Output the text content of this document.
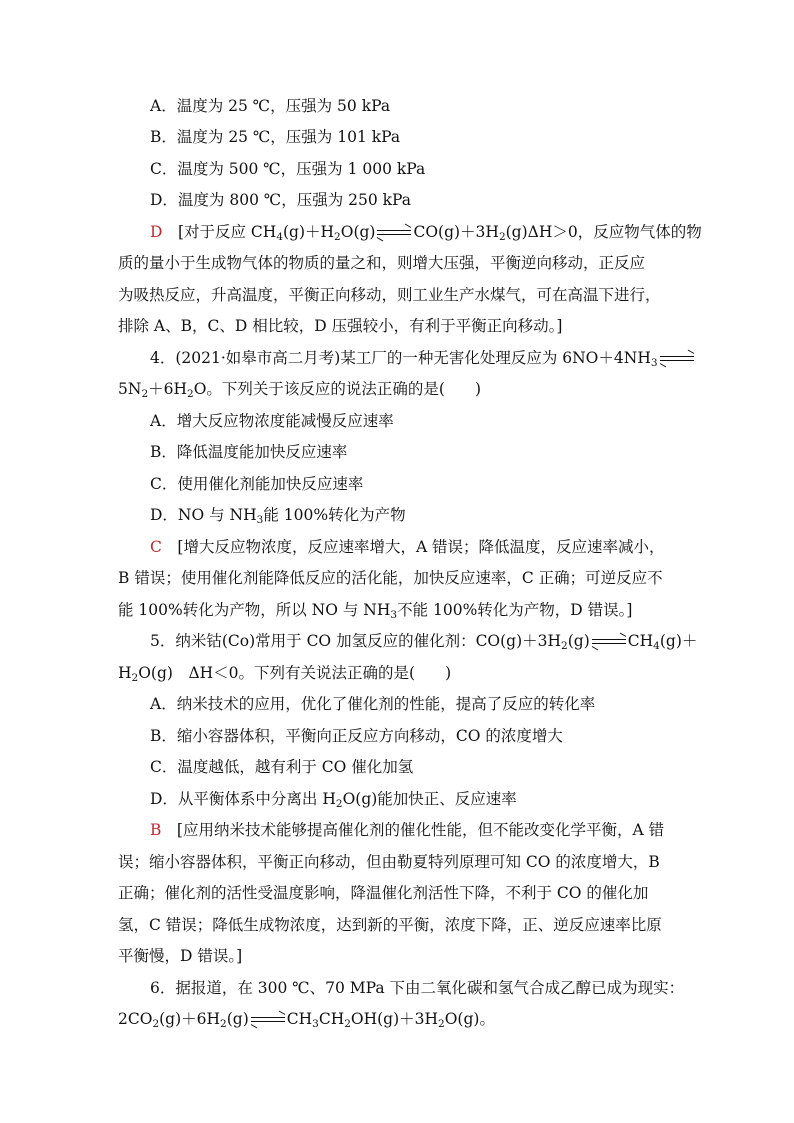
A．温度为 25 ℃，压强为 50 kPa
B．温度为 25 ℃，压强为 101 kPa
C．温度为 500 ℃，压强为 1 000 kPa
D．温度为 800 ℃，压强为 250 kPa
D　 [对于反应 $CH_4(g)+H_2O(g)$ $CO(g)+3H_2(g)\Delta H>0$，反应物气体的物
质的量小于生成物气体的物质的量之和，则增大压强，平衡逆向移动，正反应
为吸热反应，升高温度，平衡正向移动，则工业生产水煤气，可在高温下进行，
排除 A、B，C、D 相比较，D 压强较小，有利于平衡正向移动。]
4．(2021·如皋市高二月考)某工厂的一种无害化处理反应为 $6NO+4NH_3$
$5N_2+6H_2O$。下列关于该反应的说法正确的是( )
A．增大反应物浓度能减慢反应速率
B．降低温度能加快反应速率
C．使用催化剂能加快反应速率
D．NO 与 $NH_3$能 100%转化为产物
C　 [增大反应物浓度，反应速率增大，A 错误；降低温度，反应速率减小，
B 错误；使用催化剂能降低反应的活化能，加快反应速率，C 正确；可逆反应不
能 100%转化为产物，所以 NO 与 $NH_3$不能 100%转化为产物，D 错误。]
5．纳米钴(Co)常用于 CO 加氢反应的催化剂：$CO(g)+3H_2(g)$ $CH_4(g)+$
$H_2O(g)$　ΔH＜0。下列有关说法正确的是( )
A．纳米技术的应用，优化了催化剂的性能，提高了反应的转化率
B．缩小容器体积，平衡向正反应方向移动，CO 的浓度增大
C．温度越低，越有利于 CO 催化加氢
D．从平衡体系中分离出 $H_2O(g)$能加快正、反应速率
B　 [应用纳米技术能够提高催化剂的催化性能，但不能改变化学平衡，A 错
误；缩小容器体积，平衡正向移动，但由勒夏特列原理可知 CO 的浓度增大，B
正确；催化剂的活性受温度影响，降温催化剂活性下降，不利于 CO 的催化加
氢，C 错误；降低生成物浓度，达到新的平衡，浓度下降，正、逆反应速率比原
平衡慢，D 错误。]
6．据报道，在 300 ℃、70 MPa 下由二氧化碳和氢气合成乙醇已成为现实：
$2CO_2(g)+6H_2(g)$ $CH_3CH_2OH(g)+3H_2O(g)$。
